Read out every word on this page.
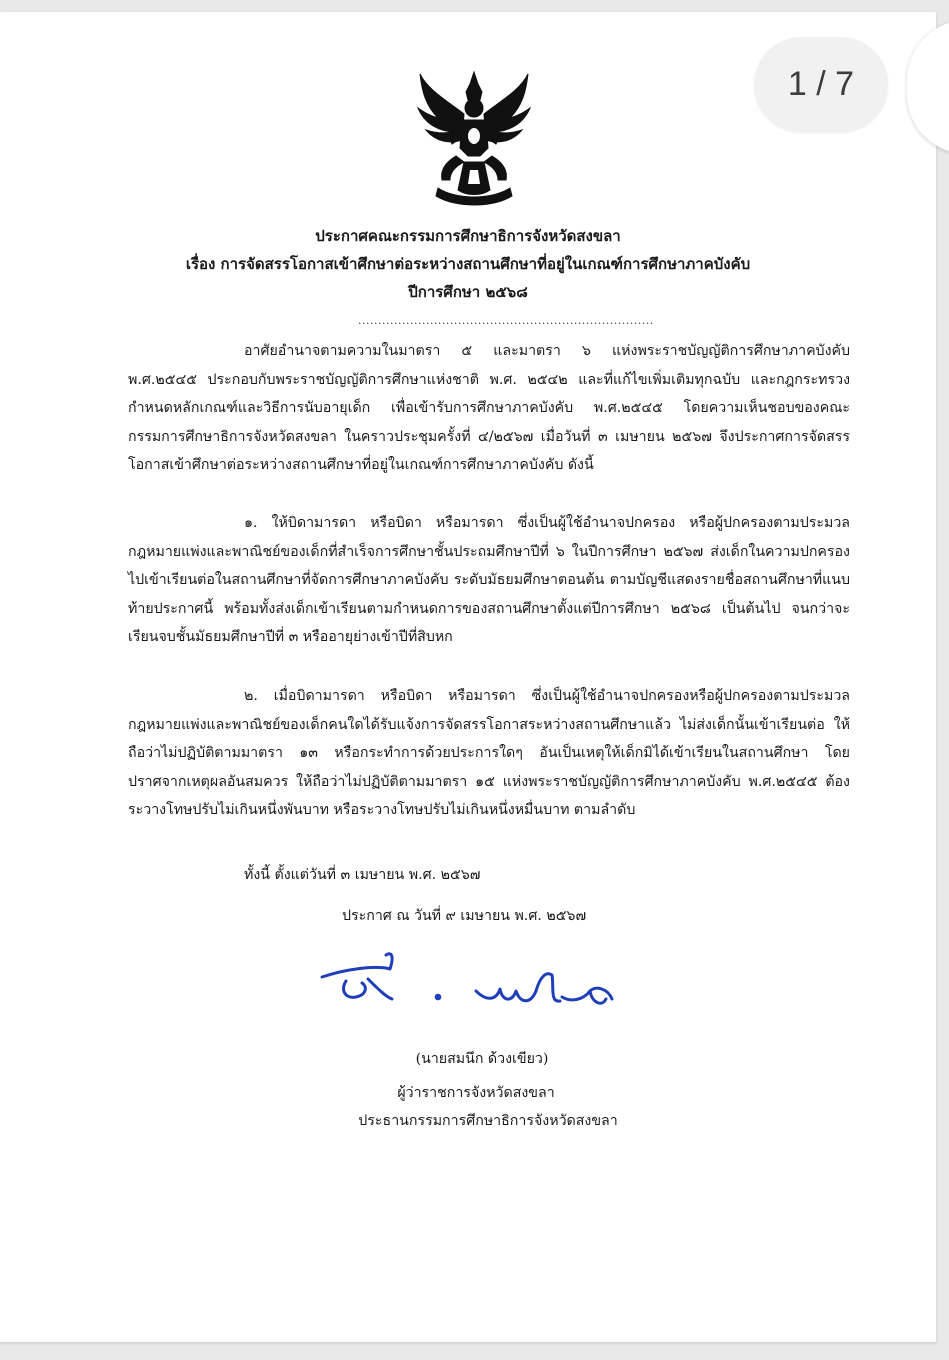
ประกาศคณะกรรมการศึกษาธิการจังหวัดสงขลา
เรื่อง การจัดสรรโอกาสเข้าศึกษาต่อระหว่างสถานศึกษาที่อยู่ในเกณฑ์การศึกษาภาคบังคับ
ปีการศึกษา ๒๕๖๘
..........................................................................
อาศัยอำนาจตามความในมาตรา ๕ และมาตรา ๖ แห่งพระราชบัญญัติการศึกษาภาคบังคับ พ.ศ.๒๕๔๕ ประกอบกับพระราชบัญญัติการศึกษาแห่งชาติ พ.ศ. ๒๕๔๒ และที่แก้ไขเพิ่มเติมทุกฉบับ และกฎกระทรวงกำหนดหลักเกณฑ์และวิธีการนับอายุเด็ก เพื่อเข้ารับการศึกษาภาคบังคับ พ.ศ.๒๕๔๕ โดยความเห็นชอบของคณะกรรมการศึกษาธิการจังหวัดสงขลา ในคราวประชุมครั้งที่ ๔/๒๕๖๗ เมื่อวันที่ ๓ เมษายน ๒๕๖๗ จึงประกาศการจัดสรรโอกาสเข้าศึกษาต่อระหว่างสถานศึกษาที่อยู่ในเกณฑ์การศึกษาภาคบังคับ ดังนี้
๑. ให้บิดามารดา หรือบิดา หรือมารดา ซึ่งเป็นผู้ใช้อำนาจปกครอง หรือผู้ปกครองตามประมวลกฎหมายแพ่งและพาณิชย์ของเด็กที่สำเร็จการศึกษาชั้นประถมศึกษาปีที่ ๖ ในปีการศึกษา ๒๕๖๗ ส่งเด็กในความปกครองไปเข้าเรียนต่อในสถานศึกษาที่จัดการศึกษาภาคบังคับ ระดับมัธยมศึกษาตอนต้น ตามบัญชีแสดงรายชื่อสถานศึกษาที่แนบท้ายประกาศนี้ พร้อมทั้งส่งเด็กเข้าเรียนตามกำหนดการของสถานศึกษาตั้งแต่ปีการศึกษา ๒๕๖๘ เป็นต้นไป จนกว่าจะเรียนจบชั้นมัธยมศึกษาปีที่ ๓ หรืออายุย่างเข้าปีที่สิบหก
๒. เมื่อบิดามารดา หรือบิดา หรือมารดา ซึ่งเป็นผู้ใช้อำนาจปกครองหรือผู้ปกครองตามประมวลกฎหมายแพ่งและพาณิชย์ของเด็กคนใดได้รับแจ้งการจัดสรรโอกาสระหว่างสถานศึกษาแล้ว ไม่ส่งเด็กนั้นเข้าเรียนต่อ ให้ถือว่าไม่ปฏิบัติตามมาตรา ๑๓ หรือกระทำการด้วยประการใดๆ อันเป็นเหตุให้เด็กมิได้เข้าเรียนในสถานศึกษา โดยปราศจากเหตุผลอันสมควร ให้ถือว่าไม่ปฏิบัติตามมาตรา ๑๕ แห่งพระราชบัญญัติการศึกษาภาคบังคับ พ.ศ.๒๕๔๕ ต้องระวางโทษปรับไม่เกินหนึ่งพันบาท หรือระวางโทษปรับไม่เกินหนึ่งหมื่นบาท ตามลำดับ
ทั้งนี้ ตั้งแต่วันที่ ๓ เมษายน พ.ศ. ๒๕๖๗
ประกาศ ณ วันที่ ๙ เมษายน พ.ศ. ๒๕๖๗
(นายสมนึก ด้วงเขียว)
ผู้ว่าราชการจังหวัดสงขลา
ประธานกรรมการศึกษาธิการจังหวัดสงขลา
1 / 7
